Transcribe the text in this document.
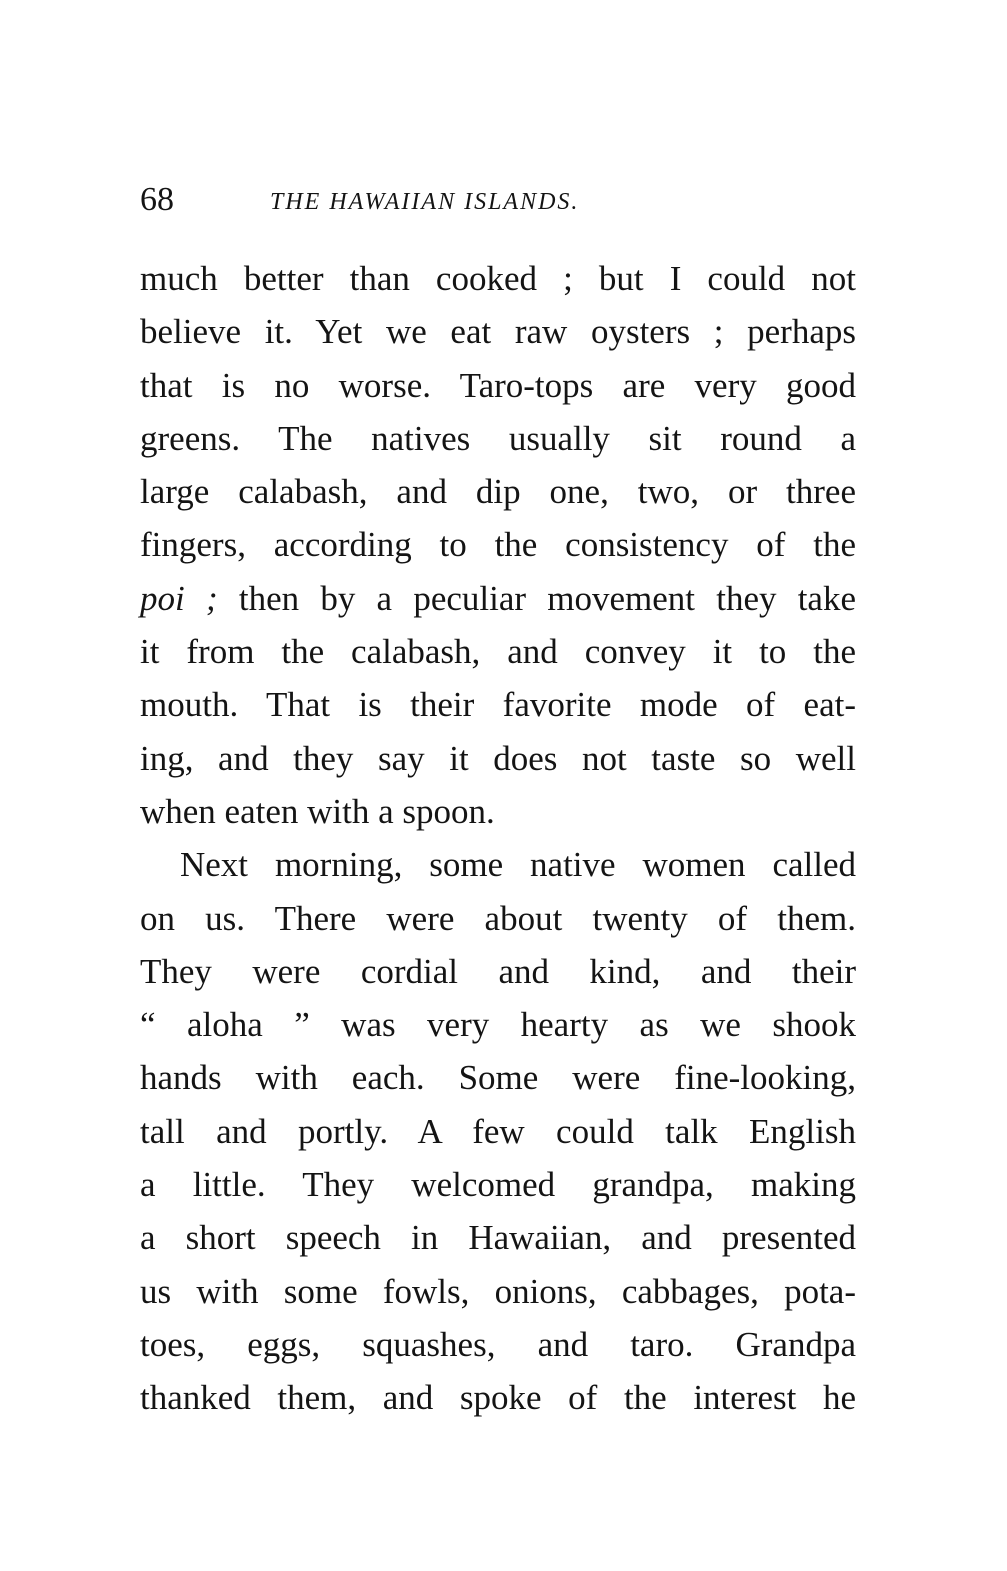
68	THE HAWAIIAN ISLANDS.
much better than cooked ; but I could not
believe it. Yet we eat raw oysters ; perhaps
that is no worse. Taro-tops are very good
greens. The natives usually sit round a
large calabash, and dip one, two, or three
fingers, according to the consistency of the
poi ; then by a peculiar movement they take
it from the calabash, and convey it to the
mouth. That is their favorite mode of eat-
ing, and they say it does not taste so well
when eaten with a spoon.
Next morning, some native women called
on us. There were about twenty of them.
They were cordial and kind, and their
“ aloha ” was very hearty as we shook
hands with each. Some were fine-looking,
tall and portly. A few could talk English
a little. They welcomed grandpa, making
a short speech in Hawaiian, and presented
us with some fowls, onions, cabbages, pota-
toes, eggs, squashes, and taro. Grandpa
thanked them, and spoke of the interest he
